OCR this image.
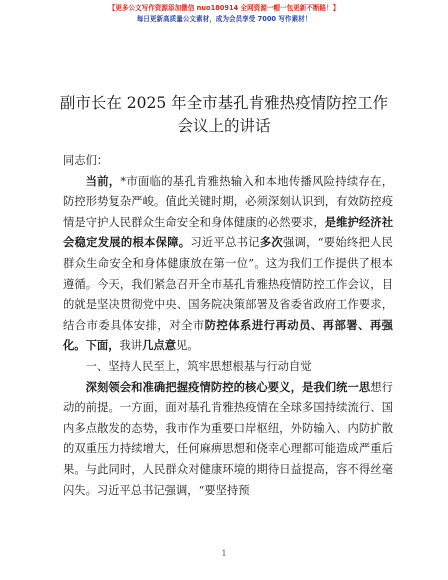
【更多公文写作资源添加微信 nuo180914 全网资源一帽一包更新不断路！】
每日更新高质量公文素材，成为会员享受 7000 写作素材！
副市长在 2025 年全市基孔肯雅热疫情防控工作
会议上的讲话

同志们：

当前，*市面临的基孔肯雅热输入和本地传播风险持续存在，防控形势复杂严峻。值此关键时期，必须深刻认识到，有效防控疫情是守护人民群众生命安全和身体健康的必然要求，是维护经济社会稳定发展的根本保障。习近平总书记多次强调，“要始终把人民群众生命安全和身体健康放在第一位”。这为我们工作提供了根本遵循。今天，我们紧急召开全市基孔肯雅热疫情防控工作会议，目的就是坚决贯彻党中央、国务院决策部署及省委省政府工作要求，结合市委具体安排，对全市防控体系进行再动员、再部署、再强化。下面，我讲几点意见。

一、坚持人民至上，筑牢思想根基与行动自觉

深刻领会和准确把握疫情防控的核心要义，是我们统一思想行动的前提。一方面，面对基孔肯雅热疫情在全球多国持续流行、国内多点散发的态势，我市作为重要口岸枢纽，外防输入、内防扩散的双重压力持续增大，任何麻痹思想和侥幸心理都可能造成严重后果。与此同时，人民群众对健康环境的期待日益提高，容不得丝毫闪失。习近平总书记强调，“要坚持预

1
